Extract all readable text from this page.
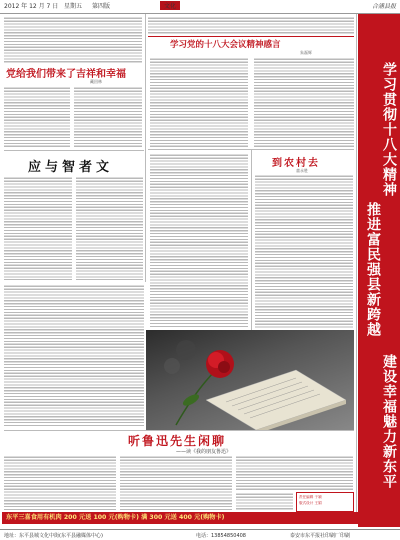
2012 年 12 月 7 日 星期五 第四版	文化	合浦县报
党给我们带来了吉祥和幸福
藏回林
应与智者文
学习党的十八大会议精神感言
朱磊辉
到农村去
童永胜
听鲁迅先生闲聊
——读《我的朋友鲁迅》
责任编辑 于颖
版式设计 王娟
学习贯彻十八大精神
推进富民强县新跨越
建设幸福魅力新东平
东平三喜食用有机肉 200 元送 100 元(购物卡) 满 300 元送 400 元(购物卡)
地址：东平县城文化中街(东平县融媒体中心)	电话：13854850408	泰安市东平报社印刷厂印刷
